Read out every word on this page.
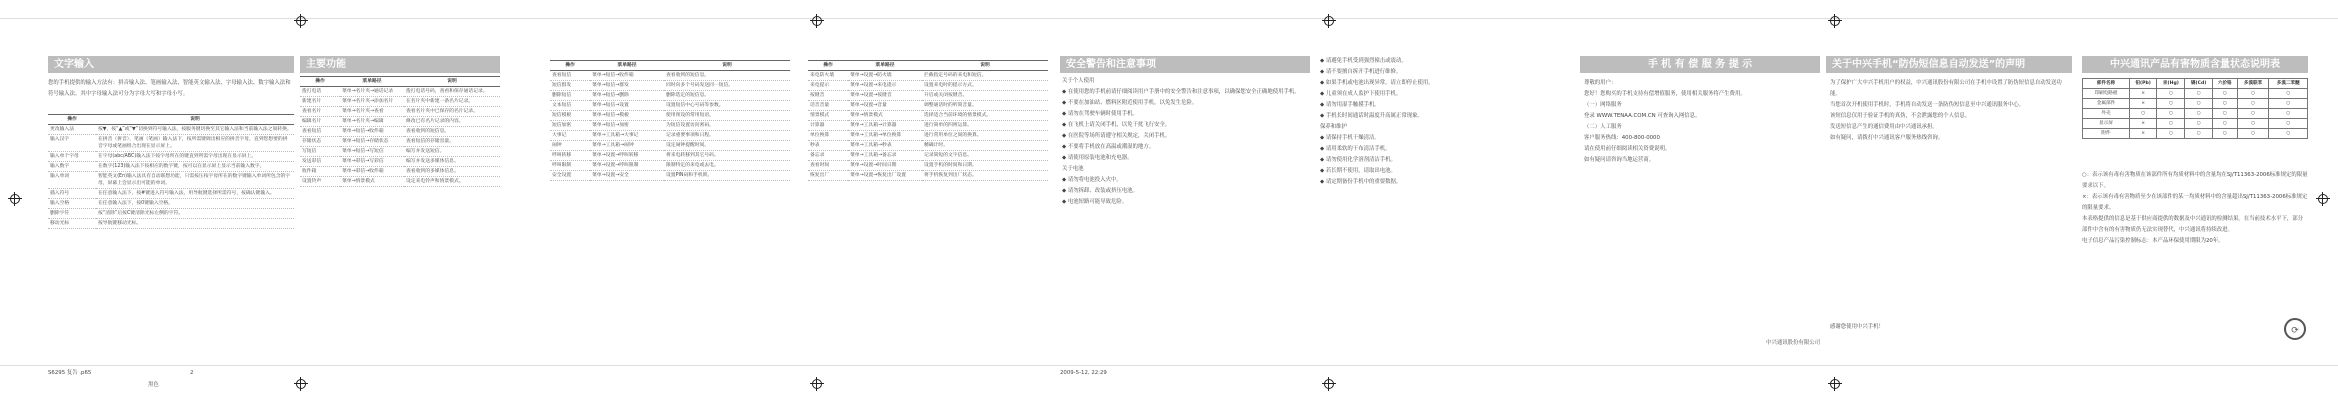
文字输入
您的手机提供的输入方法有：拼音输入法、笔画输入法、智能英文输入法、字母输入法、数字输入法和符号输入法。其中字母输入法可分为字母大写和字母小写。
操作	说明
更改输入法	按▼，按“▲”或“▼”切换到符号输入法，按服务键切换至其它输入法和当前输入法之间转换。
输入汉字	在拼音（拼音）、笔画（笔画）输入法下，按所需键调出相应的拼音字母，直到您想要的拼音字母或笔画组合出现在显示屏上。
输入单个字母	在字母(abc/ABC)输入法下按字母所在的键直到所需字母出现在显示屏上。
输入数字	在数字(123)输入法下按相应的数字键，按可以在显示屏上显示当前输入数字。
输入单词	智能英文(En)输入法具有自动联想功能，只需按压按字母所在的数字键输入单词所包含的字母，屏幕上会显示出可能的单词。
插入符号	在任意输入法下，按#键进入符号输入法，用导航键选择所需符号，按确认键输入。
输入空格	在任意输入法下，按0键输入空格。
删除字符	按“清除”后按C键清除光标左侧的字符。
移动光标	按导航键移动光标。
主要功能
操作	菜单路径	说明
拨打电话	菜单→名片夹→通话记录	拨打电话号码，查看和保存通话记录。
新建名片	菜单→名片夹→添加名片	在名片夹中新建一条名片记录。
查看名片	菜单→名片夹→查看	查看名片夹中已保存的名片记录。
编辑名片	菜单→名片夹→编辑	修改已有名片记录的内容。
查看短信	菜单→短信→收件箱	查看收到的短信息。
存储状态	菜单→短信→存储状态	查看短信的存储容量。
写短信	菜单→短信→写短信	编写并发送短信。
发送彩信	菜单→彩信→写彩信	编写并发送多媒体信息。
收件箱	菜单→彩信→收件箱	查看收到的多媒体信息。
设置铃声	菜单→情景模式	设定来电铃声和情景模式。
操作	菜单路径	说明
查看短信	菜单→短信→收件箱	查看收到的短信息。
短信群发	菜单→短信→群发	同时向多个号码发送同一短信。
删除短信	菜单→短信→删除	删除选定的短信息。
文本短信	菜单→短信→设置	设置短信中心号码等参数。
短信模板	菜单→短信→模板	使用预设的常用短语。
短信加密	菜单→短信→加密	为短信设置访问密码。
大事记	菜单→工具箱→大事记	记录重要事项和日程。
闹钟	菜单→工具箱→闹钟	设定闹钟提醒时间。
呼叫转移	菜单→设置→呼叫转移	将来电转移到其它号码。
呼叫限制	菜单→设置→呼叫限制	限制特定的来电或去电。
安全设置	菜单→设置→安全	设置PIN码和手机锁。
操作	菜单路径	说明
来电防火墙	菜单→设置→防火墙	拦截指定号码的来电和短信。
来电提示	菜单→设置→来电提示	设置来电时的提示方式。
按键音	菜单→设置→按键音	开启或关闭按键音。
话音音量	菜单→设置→音量	调整通话时的听筒音量。
情景模式	菜单→情景模式	选择适合当前环境的情景模式。
计算器	菜单→工具箱→计算器	进行简单的四则运算。
单位换算	菜单→工具箱→单位换算	进行常用单位之间的换算。
秒表	菜单→工具箱→秒表	精确计时。
备忘录	菜单→工具箱→备忘录	记录简短的文字信息。
查看时间	菜单→设置→时间日期	设置手机的时间和日期。
恢复出厂	菜单→设置→恢复出厂设置	将手机恢复到出厂状态。
安全警告和注意事项
关于个人使用
◆ 在使用您的手机前请仔细阅读用户手册中的安全警告和注意事项，以确保您安全正确地使用手机。
◆ 不要在加油站、燃料区附近使用手机，以免发生危险。
◆ 请勿在驾驶车辆时使用手机。
◆ 在飞机上请关闭手机，以免干扰飞行安全。
◆ 在医院等场所请遵守相关规定，关闭手机。
◆ 不要将手机放在高温或潮湿的地方。
◆ 请使用原装电池和充电器。
关于电池
◆ 请勿将电池投入火中。
◆ 请勿拆卸、改装或挤压电池。
◆ 电池短路可能导致危险。
◆ 请避免手机受到强烈撞击或震动。
◆ 请不要擅自拆开手机进行维修。
◆ 如果手机或电池出现异常，请立即停止使用。
◆ 儿童须在成人监护下使用手机。
◆ 请勿用湿手触摸手机。
◆ 手机长时间通话时温度升高属正常现象。
保养和维护
◆ 请保持手机干燥清洁。
◆ 请用柔软的干布清洁手机。
◆ 请勿使用化学溶剂清洁手机。
◆ 若长期不使用，请取出电池。
◆ 请定期备份手机中的重要数据。
手 机 有 偿 服 务 提 示
尊敬的用户：
您好！您购买的手机支持有偿增值服务，使用相关服务将产生费用。
（一）网络服务
登录 WWW.TENAA.COM.CN 可查询入网信息。
（二）人工服务
客户服务热线：400-800-0000
请在使用前仔细阅读相关资费说明。
如有疑问请咨询当地运营商。
中兴通讯股份有限公司
关于中兴手机“防伪短信息自动发送”的声明
为了保护广大中兴手机用户的权益，中兴通讯股份有限公司在手机中设置了防伪短信息自动发送功能。
当您首次开机使用手机时，手机将自动发送一条防伪短信息至中兴通讯服务中心。
该短信息仅用于验证手机的真伪，不会泄露您的个人信息。
发送短信息产生的通信费用由中兴通讯承担。
如有疑问，请拨打中兴通讯客户服务热线咨询。
感谢您使用中兴手机！
中兴通讯产品有害物质含量状态说明表
部件名称	铅(Pb)	汞(Hg)	镉(Cd)	六价铬	多溴联苯	多溴二苯醚
印刷电路板	×	○	○	○	○	○
金属部件	×	○	○	○	○	○
外壳	○	○	○	○	○	○
显示屏	×	○	○	○	○	○
附件	×	○	○	○	○	○
○：表示该有毒有害物质在该部件所有均质材料中的含量均在SJ/T11363-2006标准规定的限量要求以下。
×：表示该有毒有害物质至少在该部件的某一均质材料中的含量超出SJ/T11363-2006标准规定的限量要求。
本表格提供的信息是基于供应商提供的数据及中兴通讯的检测结果。在当前技术水平下，部分部件中含有的有害物质仍无法实现替代，中兴通讯将持续改进。
电子信息产品污染控制标志：本产品环保使用期限为20年。
⟳
S6295 复告 .p65	2
黑色
2009-5-12, 22:29
